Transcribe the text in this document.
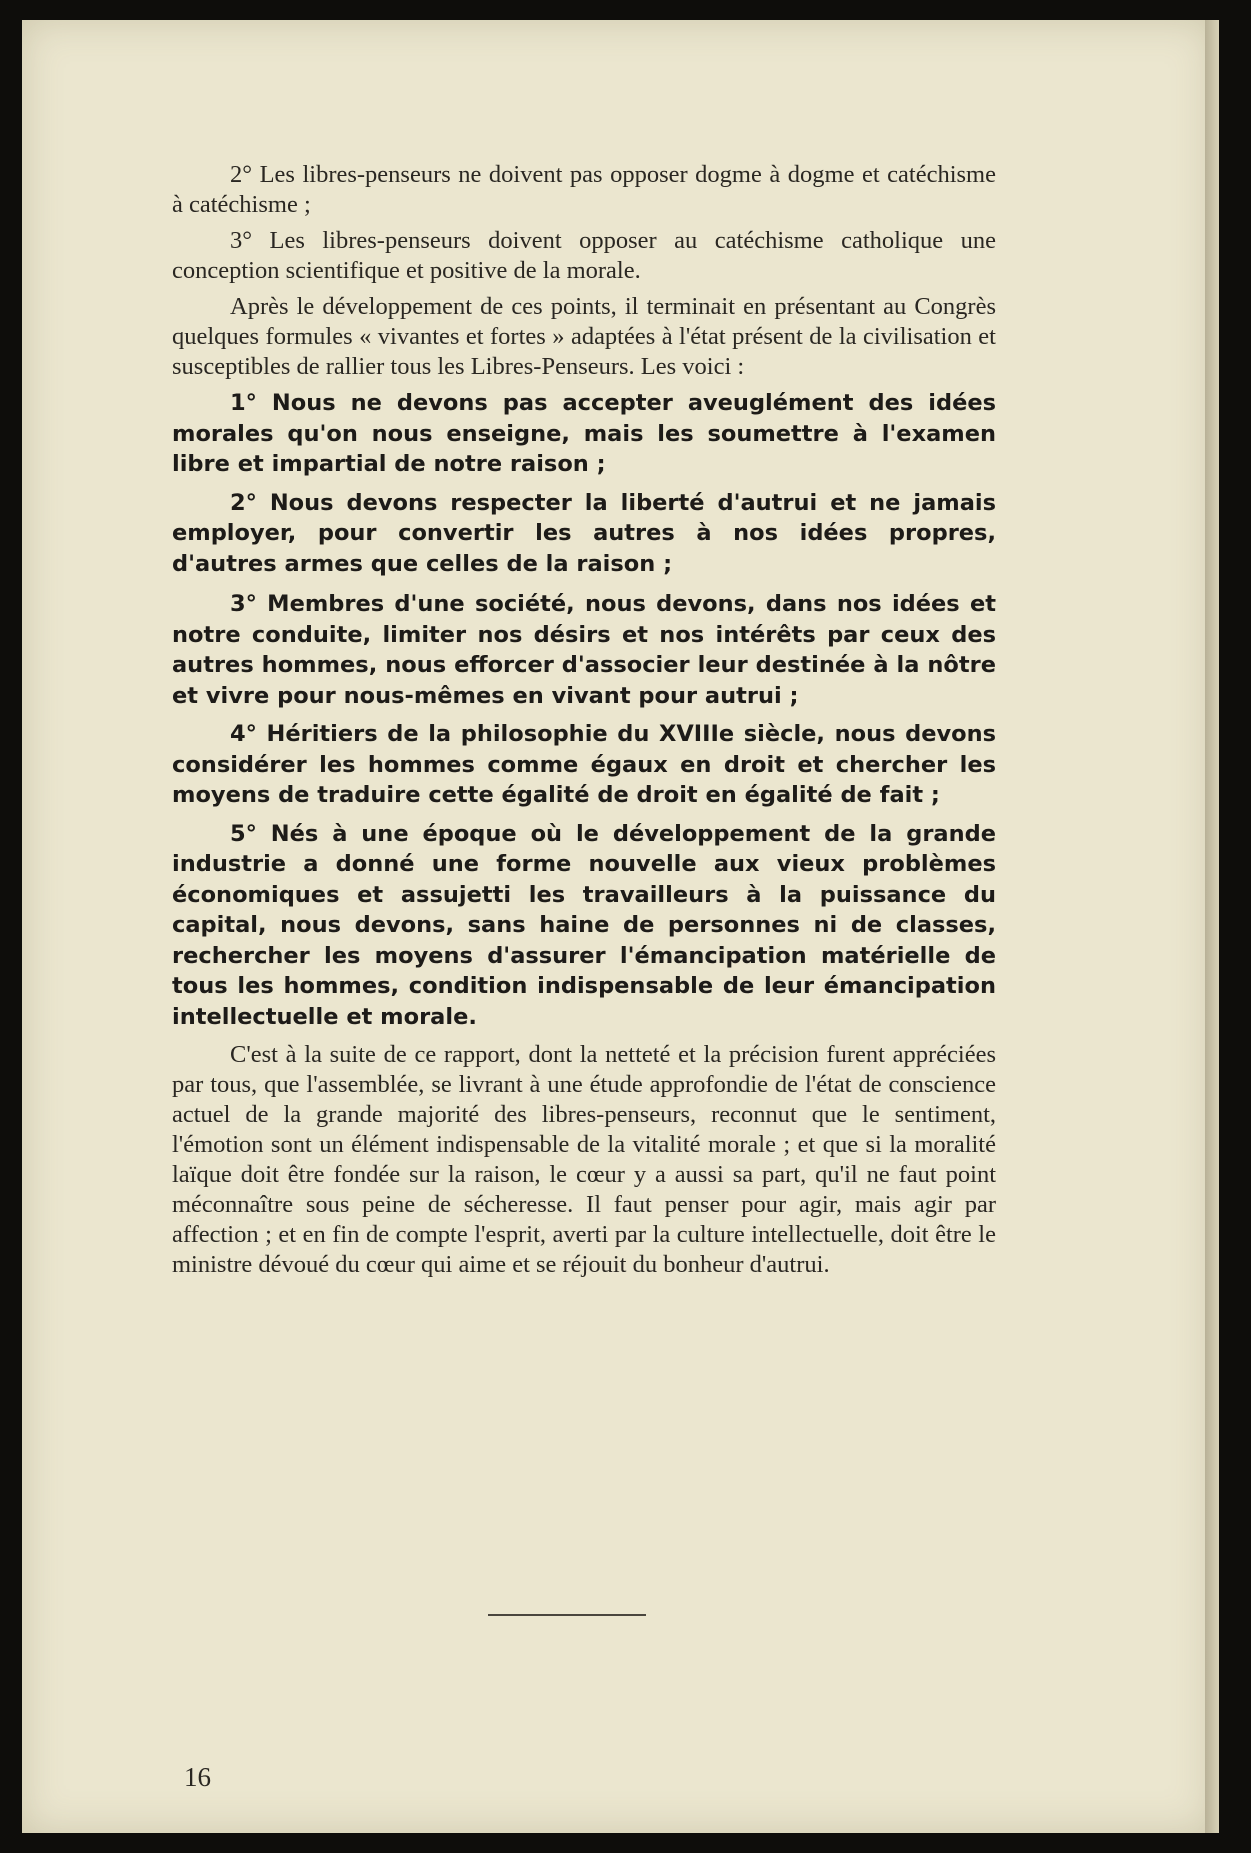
2° Les libres-penseurs ne doivent pas opposer dogme à dogme et catéchisme à catéchisme ;

3° Les libres-penseurs doivent opposer au catéchisme catholique une conception scientifique et positive de la morale.

Après le développement de ces points, il terminait en présentant au Congrès quelques formules « vivantes et fortes » adaptées à l'état présent de la civilisation et susceptibles de rallier tous les Libres-Penseurs. Les voici :

1° Nous ne devons pas accepter aveuglément des idées morales qu'on nous enseigne, mais les soumettre à l'examen libre et impartial de notre raison ;

2° Nous devons respecter la liberté d'autrui et ne jamais employer, pour convertir les autres à nos idées propres, d'autres armes que celles de la raison ;

3° Membres d'une société, nous devons, dans nos idées et notre conduite, limiter nos désirs et nos intérêts par ceux des autres hommes, nous efforcer d'associer leur destinée à la nôtre et vivre pour nous-mêmes en vivant pour autrui ;

4° Héritiers de la philosophie du XVIIIe siècle, nous devons considérer les hommes comme égaux en droit et chercher les moyens de traduire cette égalité de droit en égalité de fait ;

5° Nés à une époque où le développement de la grande industrie a donné une forme nouvelle aux vieux problèmes économiques et assujetti les travailleurs à la puissance du capital, nous devons, sans haine de personnes ni de classes, rechercher les moyens d'assurer l'émancipation matérielle de tous les hommes, condition indispensable de leur émancipation intellectuelle et morale.

C'est à la suite de ce rapport, dont la netteté et la précision furent appréciées par tous, que l'assemblée, se livrant à une étude approfondie de l'état de conscience actuel de la grande majorité des libres-penseurs, reconnut que le sentiment, l'émotion sont un élément indispensable de la vitalité morale ; et que si la moralité laïque doit être fondée sur la raison, le cœur y a aussi sa part, qu'il ne faut point méconnaître sous peine de sécheresse. Il faut penser pour agir, mais agir par affection ; et en fin de compte l'esprit, averti par la culture intellectuelle, doit être le ministre dévoué du cœur qui aime et se réjouit du bonheur d'autrui.

16
